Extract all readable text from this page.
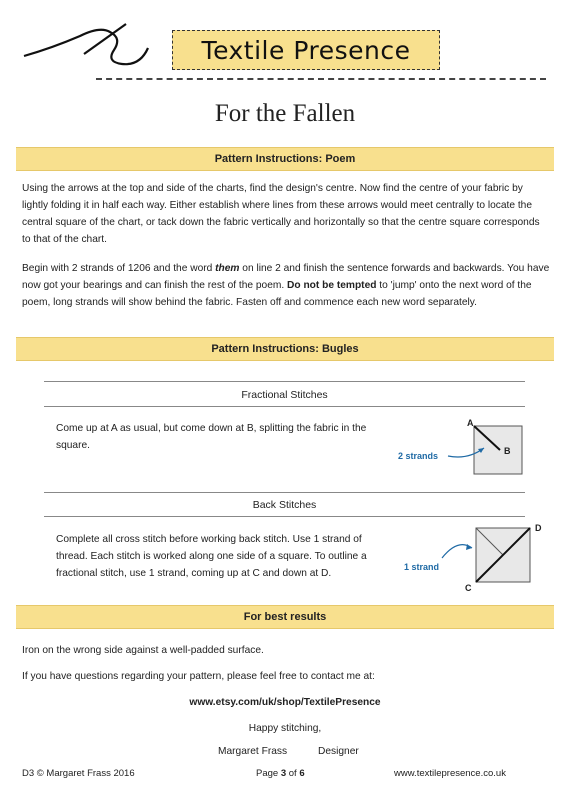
Textile Presence
For the Fallen
Pattern Instructions: Poem
Using the arrows at the top and side of the charts, find the design's centre. Now find the centre of your fabric by lightly folding it in half each way. Either establish where lines from these arrows would meet centrally to locate the central square of the chart, or tack down the fabric vertically and horizontally so that the centre square corresponds to that of the chart.
Begin with 2 strands of 1206 and the word them on line 2 and finish the sentence forwards and backwards. You have now got your bearings and can finish the rest of the poem. Do not be tempted to 'jump' onto the next word of the poem, long strands will show behind the fabric. Fasten off and commence each new word separately.
Pattern Instructions: Bugles
Fractional Stitches
Come up at A as usual, but come down at B, splitting the fabric in the square.
A
B
2 strands
Back Stitches
Complete all cross stitch before working back stitch. Use 1 strand of thread. Each stitch is worked along one side of a square. To outline a fractional stitch, use 1 strand, coming up at C and down at D.
D
C
1 strand
For best results
Iron on the wrong side against a well-padded surface.
If you have questions regarding your pattern, please feel free to contact me at:
www.etsy.com/uk/shop/TextilePresence
Happy stitching,
Margaret Frass	Designer
D3 © Margaret Frass 2016	Page 3 of 6	www.textilepresence.co.uk
